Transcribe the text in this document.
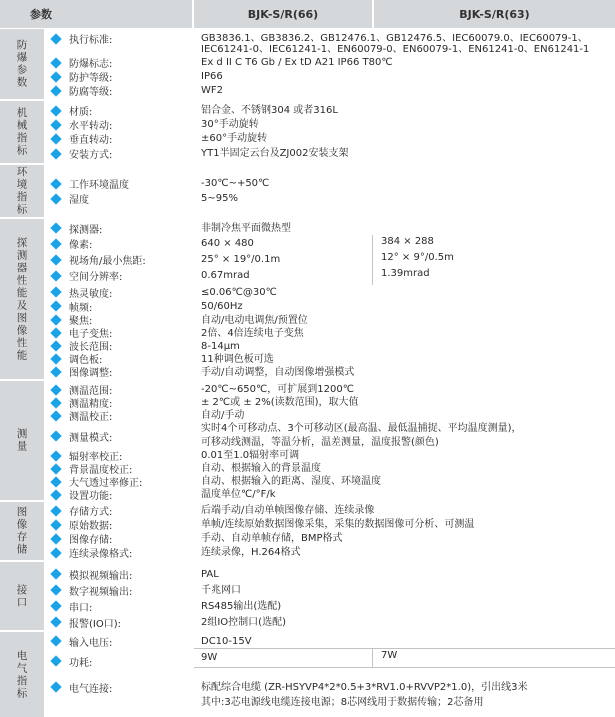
参数	BJK-S/R(66)	BJK-S/R(63)
防爆参数	执行标准:	GB3836.1、GB3836.2、GB12476.1、GB12476.5、IEC60079.0、IEC60079-1、
IEC61241-0、IEC61241-1、EN60079-0、EN60079-1、EN61241-0、EN61241-1
防爆标志:	Ex d II C T6 Gb / Ex tD A21 IP66 T80℃
防护等级:	IP66
防腐等级:	WF2
机械指标	材质:	铝合金、不锈钢304 或者316L
水平转动:	30°手动旋转
垂直转动:	±60°手动旋转
安装方式:	YT1半固定云台及ZJ002安装支架
环境指标	工作环境温度	-30℃~+50℃
湿度	5~95%
探测器性能及图像性能
探测器:	非制冷焦平面微热型
像素:	640 × 480	384 × 288
视场角/最小焦距:	25° × 19°/0.1m	12° × 9°/0.5m
空间分辨率:	0.67mrad	1.39mrad
热灵敏度:	≤0.06℃@30℃
帧频:	50/60Hz
聚焦:	自动/电动电调焦/预置位
电子变焦:	2倍、4倍连续电子变焦
波长范围:	8-14μm
调色板:	11种调色板可选
图像调整:	手动/自动调整，自动图像增强模式
测量
测温范围:	-20℃~650℃，可扩展到1200℃
测温精度:	± 2℃或 ± 2%(读数范围)，取大值
测温校正:	自动/手动
实时4个可移动点、3个可移动区(最高温、最低温捕捉、平均温度测量)，
测量模式:	可移动线测温，等温分析，温差测量，温度报警(颜色)
辐射率校正:	0.01至1.0辐射率可调
背景温度校正:	自动、根据输入的背景温度
大气透过率修正:	自动、根据输入的距离、湿度、环境温度
设置功能:	温度单位℃/°F/k
图像存储	存储方式:	后端手动/自动单帧图像存储、连续录像
原始数据:	单帧/连续原始数据图像采集，采集的数据图像可分析、可测温
图像存储:	手动、自动单帧存储，BMP格式
连续录像格式:	连续录像，H.264格式
接口
模拟视频输出:	PAL
数字视频输出:	千兆网口
串口:	RS485输出(选配)
报警(IO口):	2组IO控制口(选配)
电气指标
输入电压:	DC10-15V
功耗:	9W	7W
电气连接:	标配综合电缆 (ZR-HSYVP4*2*0.5+3*RV1.0+RVVP2*1.0)，引出线3米
其中:3芯电源线电缆连接电源；8芯网线用于数据传输；2芯备用
